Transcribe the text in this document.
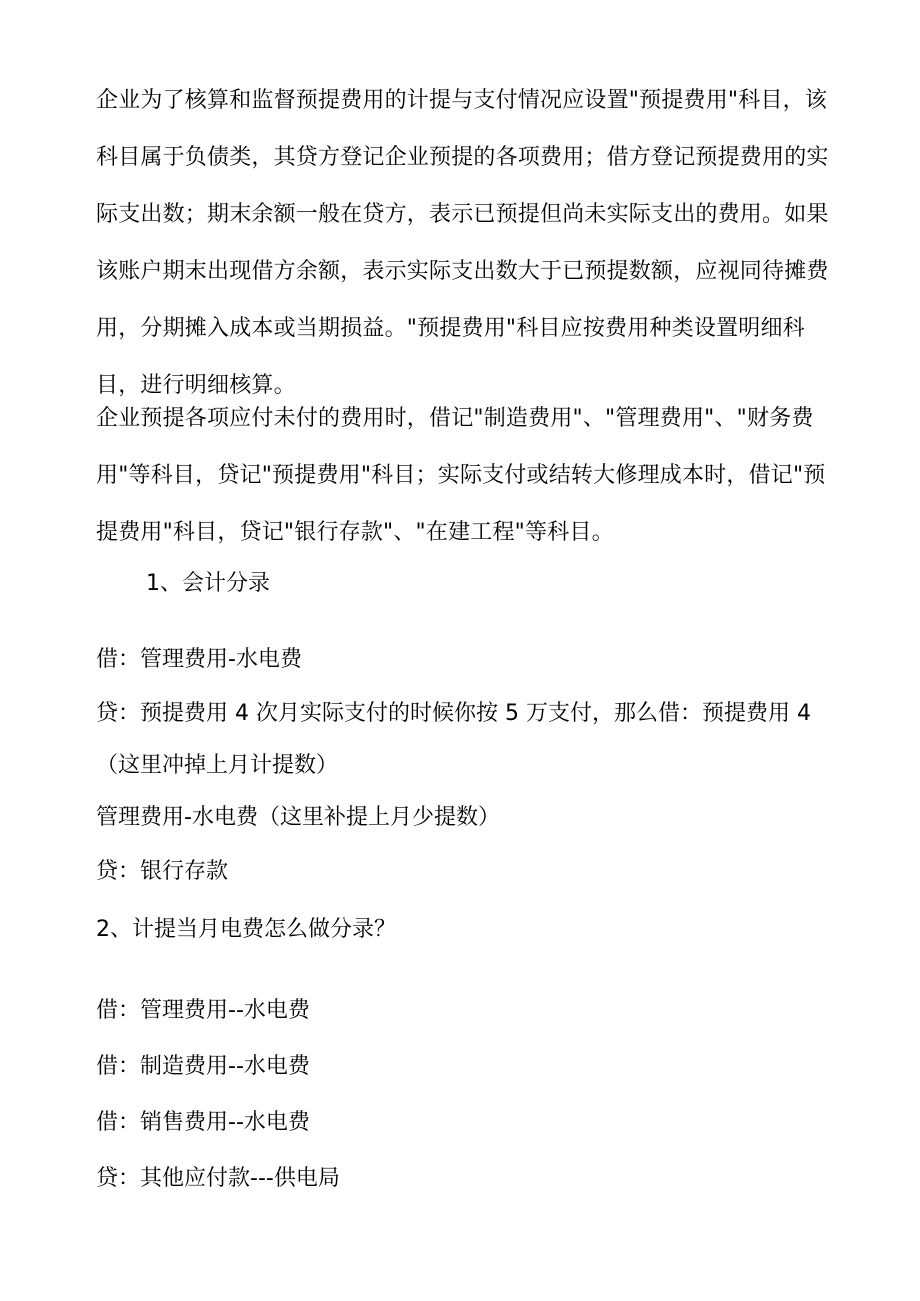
企业为了核算和监督预提费用的计提与支付情况应设置"预提费用"科目，该科目属于负债类，其贷方登记企业预提的各项费用；借方登记预提费用的实际支出数；期末余额一般在贷方，表示已预提但尚未实际支出的费用。如果该账户期末出现借方余额，表示实际支出数大于已预提数额，应视同待摊费用，分期摊入成本或当期损益。"预提费用"科目应按费用种类设置明细科目，进行明细核算。

企业预提各项应付未付的费用时，借记"制造费用"、"管理费用"、"财务费用"等科目，贷记"预提费用"科目；实际支付或结转大修理成本时，借记"预提费用"科目，贷记"银行存款"、"在建工程"等科目。

1、会计分录
借：管理费用-水电费
贷：预提费用 4 次月实际支付的时候你按 5 万支付，那么借：预提费用 4
（这里冲掉上月计提数）
管理费用-水电费（这里补提上月少提数）
贷：银行存款
2、计提当月电费怎么做分录？
借：管理费用--水电费
借：制造费用--水电费
借：销售费用--水电费
贷：其他应付款---供电局
